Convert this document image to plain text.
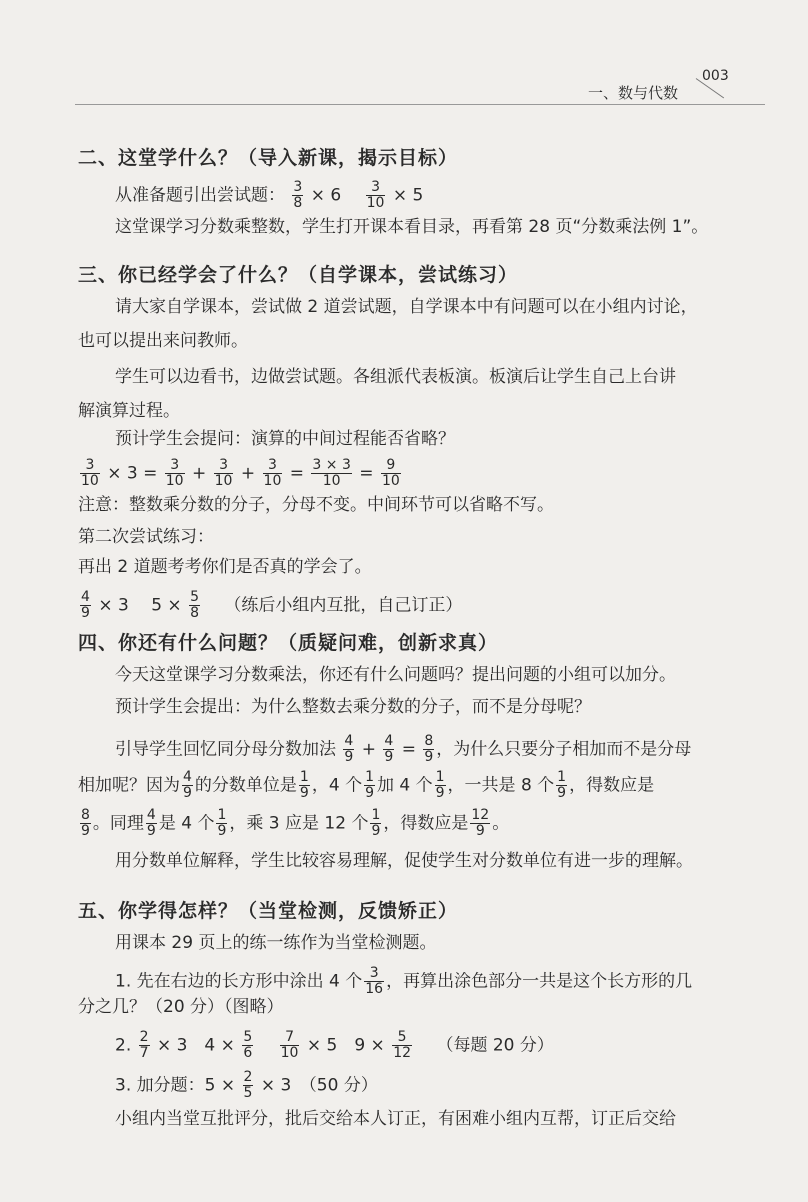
一、数与代数
003
二、这堂学什么？（导入新课，揭示目标）
从准备题引出尝试题： $\frac{3}{8} \times 6$　 $\frac{3}{10} \times 5$
这堂课学习分数乘整数，学生打开课本看目录，再看第 28 页“分数乘法例 1”。
三、你已经学会了什么？（自学课本，尝试练习）
请大家自学课本，尝试做 2 道尝试题，自学课本中有问题可以在小组内讨论，
也可以提出来问教师。
学生可以边看书，边做尝试题。各组派代表板演。板演后让学生自己上台讲
解演算过程。
预计学生会提问：演算的中间过程能否省略？
$\frac{3}{10} \times 3 = \frac{3}{10} + \frac{3}{10} + \frac{3}{10} = \frac{3 \times 3}{10} = \frac{9}{10}$
注意：整数乘分数的分子，分母不变。中间环节可以省略不写。
第二次尝试练习：
再出 2 道题考考你们是否真的学会了。
$\frac{4}{9} \times 3$　 $5 \times \frac{5}{8}$
　 （练后小组内互批，自己订正）
四、你还有什么问题？（质疑问难，创新求真）
今天这堂课学习分数乘法，你还有什么问题吗？提出问题的小组可以加分。
预计学生会提出：为什么整数去乘分数的分子，而不是分母呢？
引导学生回忆同分母分数加法 $\frac{4}{9} + \frac{4}{9} = \frac{8}{9}$ ，为什么只要分子相加而不是分母
相加呢？因为 $\frac{4}{9}$ 的分数单位是 $\frac{1}{9}$ ，4 个 $\frac{1}{9}$ 加 4 个 $\frac{1}{9}$ ，一共是 8 个 $\frac{1}{9}$ ，得数应是
$\frac{8}{9}$ 。同理 $\frac{4}{9}$ 是 4 个 $\frac{1}{9}$ ，乘 3 应是 12 个 $\frac{1}{9}$ ，得数应是 $\frac{12}{9}$ 。
用分数单位解释，学生比较容易理解，促使学生对分数单位有进一步的理解。
五、你学得怎样？（当堂检测，反馈矫正）
用课本 29 页上的练一练作为当堂检测题。
1. 先在右边的长方形中涂出 4 个 $\frac{3}{16}$ ，再算出涂色部分一共是这个长方形的几
分之几？（20 分）（图略）
2. $\frac{2}{7} \times 3$　$4 \times \frac{5}{6}$
　 $\frac{7}{10} \times 5$　$9 \times \frac{5}{12}$
　 （每题 20 分）
3. 加分题：$5 \times \frac{2}{5} \times 3$　（50 分）
小组内当堂互批评分，批后交给本人订正，有困难小组内互帮，订正后交给
